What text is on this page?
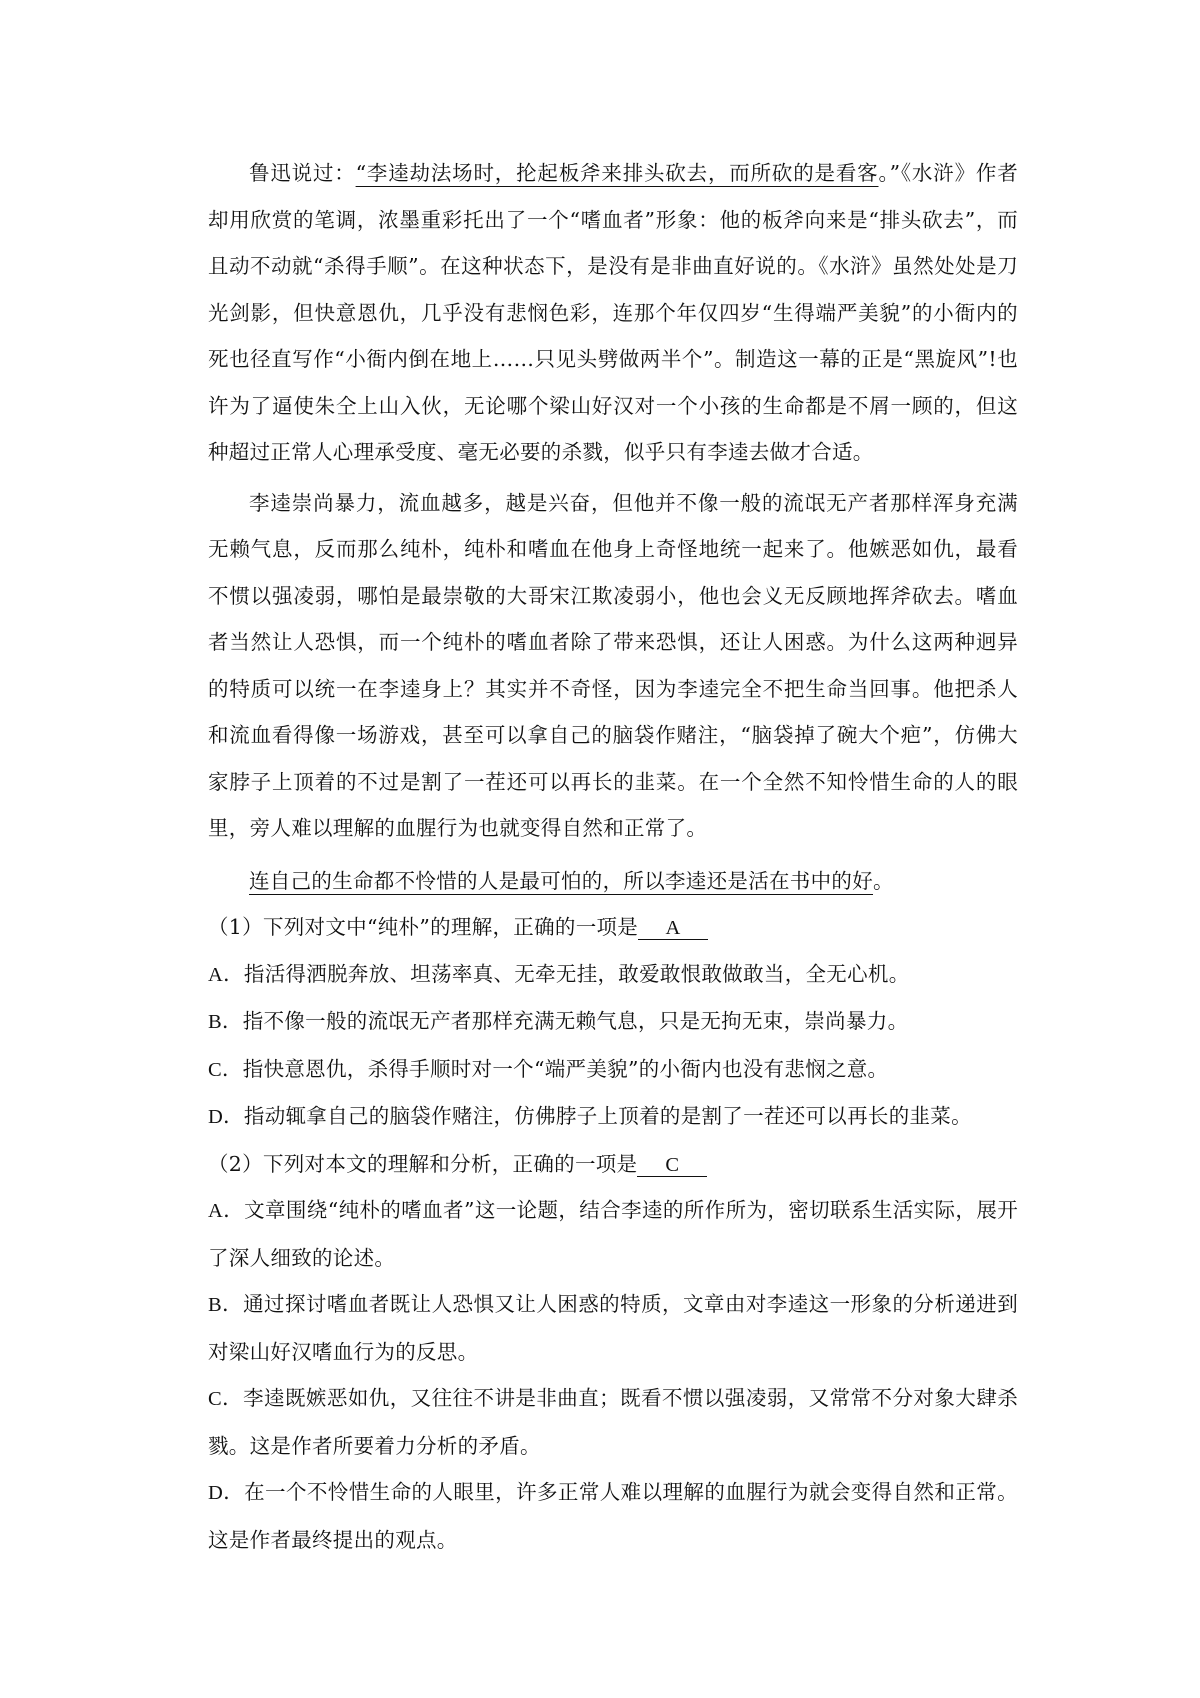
鲁迅说过：“李逵劫法场时，抡起板斧来排头砍去，而所砍的是看客。”《水浒》作者却用欣赏的笔调，浓墨重彩托出了一个“嗜血者”形象：他的板斧向来是“排头砍去”，而且动不动就“杀得手顺”。在这种状态下，是没有是非曲直好说的。《水浒》虽然处处是刀光剑影，但快意恩仇，几乎没有悲悯色彩，连那个年仅四岁“生得端严美貌”的小衙内的死也径直写作“小衙内倒在地上……只见头劈做两半个”。制造这一幕的正是“黑旋风”!也许为了逼使朱仝上山入伙，无论哪个梁山好汉对一个小孩的生命都是不屑一顾的，但这种超过正常人心理承受度、毫无必要的杀戮，似乎只有李逵去做才合适。

李逵崇尚暴力，流血越多，越是兴奋，但他并不像一般的流氓无产者那样浑身充满无赖气息，反而那么纯朴，纯朴和嗜血在他身上奇怪地统一起来了。他嫉恶如仇，最看不惯以强凌弱，哪怕是最崇敬的大哥宋江欺凌弱小，他也会义无反顾地挥斧砍去。嗜血者当然让人恐惧，而一个纯朴的嗜血者除了带来恐惧，还让人困惑。为什么这两种迥异的特质可以统一在李逵身上？其实并不奇怪，因为李逵完全不把生命当回事。他把杀人和流血看得像一场游戏，甚至可以拿自己的脑袋作赌注，“脑袋掉了碗大个疤”，仿佛大家脖子上顶着的不过是割了一茬还可以再长的韭菜。在一个全然不知怜惜生命的人的眼里，旁人难以理解的血腥行为也就变得自然和正常了。

连自己的生命都不怜惜的人是最可怕的，所以李逵还是活在书中的好。

（1）下列对文中“纯朴”的理解，正确的一项是 A

A．指活得洒脱奔放、坦荡率真、无牵无挂，敢爱敢恨敢做敢当，全无心机。

B．指不像一般的流氓无产者那样充满无赖气息，只是无拘无束，崇尚暴力。

C．指快意恩仇，杀得手顺时对一个“端严美貌”的小衙内也没有悲悯之意。

D．指动辄拿自己的脑袋作赌注，仿佛脖子上顶着的是割了一茬还可以再长的韭菜。

（2）下列对本文的理解和分析，正确的一项是 C

A．文章围绕“纯朴的嗜血者”这一论题，结合李逵的所作所为，密切联系生活实际，展开了深人细致的论述。

B．通过探讨嗜血者既让人恐惧又让人困惑的特质，文章由对李逵这一形象的分析递进到对梁山好汉嗜血行为的反思。

C．李逵既嫉恶如仇，又往往不讲是非曲直；既看不惯以强凌弱，又常常不分对象大肆杀戮。这是作者所要着力分析的矛盾。

D．在一个不怜惜生命的人眼里，许多正常人难以理解的血腥行为就会变得自然和正常。这是作者最终提出的观点。
